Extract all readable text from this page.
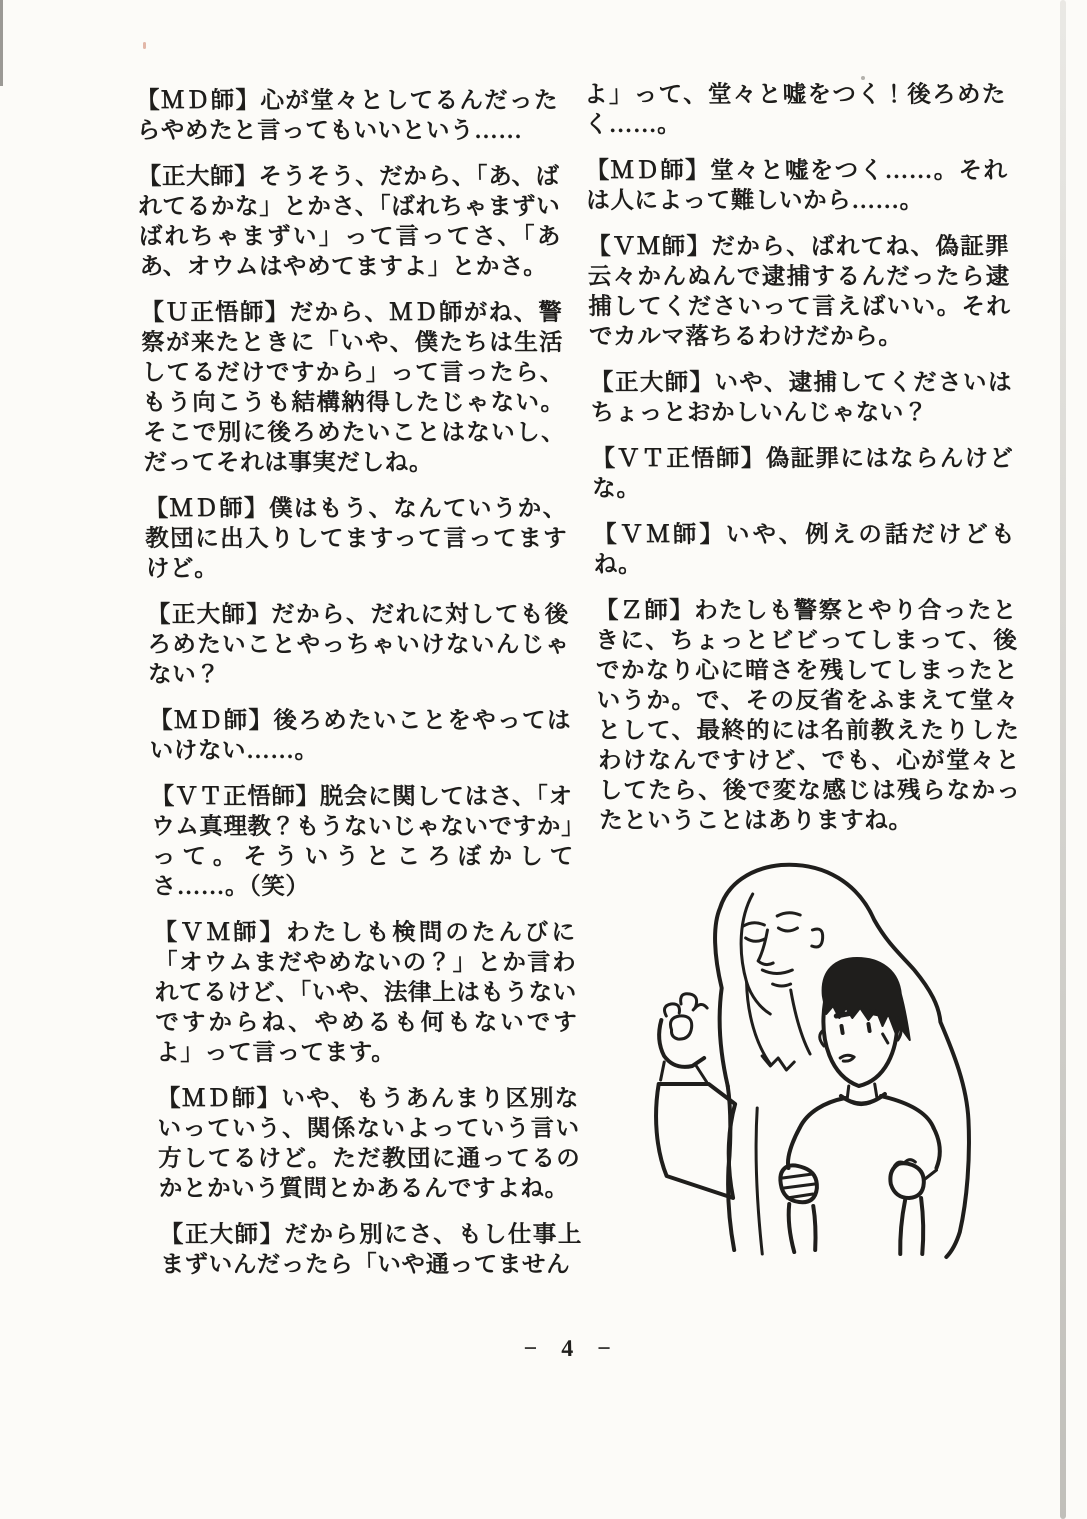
【ＭＤ師】心が堂々としてるんだったらやめたと言ってもいいという……

【正大師】そうそう、だから、「あ、ばれてるかな」とかさ、「ばれちゃまずいばれちゃまずい」って言ってさ、「ああ、オウムはやめてますよ」とかさ。

【Ｕ正悟師】だから、ＭＤ師がね、警察が来たときに「いや、僕たちは生活してるだけですから」って言ったら、もう向こうも結構納得したじゃない。そこで別に後ろめたいことはないし、だってそれは事実だしね。

【ＭＤ師】僕はもう、なんていうか、教団に出入りしてますって言ってますけど。

【正大師】だから、だれに対しても後ろめたいことやっちゃいけないんじゃない？

【ＭＤ師】後ろめたいことをやってはいけない……。

【ＶＴ正悟師】脱会に関してはさ、「オウム真理教？もうないじゃないですか」って。そういうところぼかしてさ……。（笑）

【ＶＭ師】わたしも検問のたんびに「オウムまだやめないの？」とか言われてるけど、「いや、法律上はもうないですからね、やめるも何もないですよ」って言ってます。

【ＭＤ師】いや、もうあんまり区別ないっていう、関係ないよっていう言い方してるけど。ただ教団に通ってるのかとかいう質問とかあるんですよね。

【正大師】だから別にさ、もし仕事上まずいんだったら「いや通ってません

よ」って、堂々と嘘をつく！後ろめたく……。

【ＭＤ師】堂々と嘘をつく……。それは人によって難しいから……。

【ＶＭ師】だから、ばれてね、偽証罪云々かんぬんで逮捕するんだったら逮捕してくださいって言えばいい。それでカルマ落ちるわけだから。

【正大師】いや、逮捕してくださいはちょっとおかしいんじゃない？

【ＶＴ正悟師】偽証罪にはならんけどな。

【ＶＭ師】いや、例えの話だけどもね。

【Ｚ師】わたしも警察とやり合ったときに、ちょっとビビってしまって、後でかなり心に暗さを残してしまったというか。で、その反省をふまえて堂々として、最終的には名前教えたりしたわけなんですけど、でも、心が堂々としてたら、後で変な感じは残らなかったということはありますね。

− 4 −
